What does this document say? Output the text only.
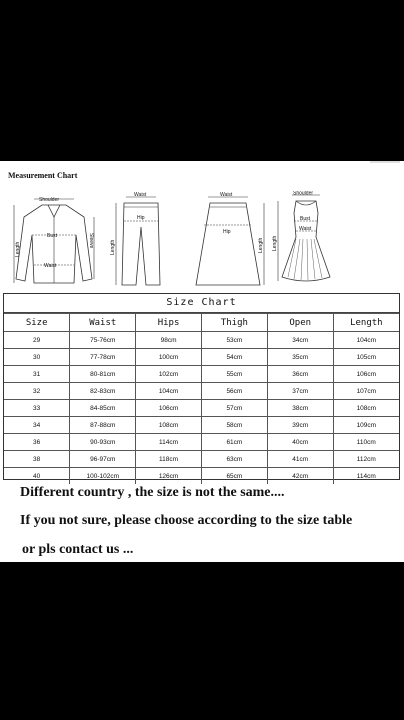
Measurement Chart
Shoulder
Bust
Waist
Length
Sleeve
Waist
Hip
Length
Waist
Hip
Length
Shoulder
Bust
Waist
Length
Size Chart
Size	Waist	Hips	Thigh	Open	Length
29	75-76cm	98cm	53cm	34cm	104cm
30	77-78cm	100cm	54cm	35cm	105cm
31	80-81cm	102cm	55cm	36cm	106cm
32	82-83cm	104cm	56cm	37cm	107cm
33	84-85cm	106cm	57cm	38cm	108cm
34	87-88cm	108cm	58cm	39cm	109cm
36	90-93cm	114cm	61cm	40cm	110cm
38	96-97cm	118cm	63cm	41cm	112cm
40	100-102cm	126cm	65cm	42cm	114cm
Different country , the size is not the same....
If you not sure, please choose according to the size table
or pls contact us ...
